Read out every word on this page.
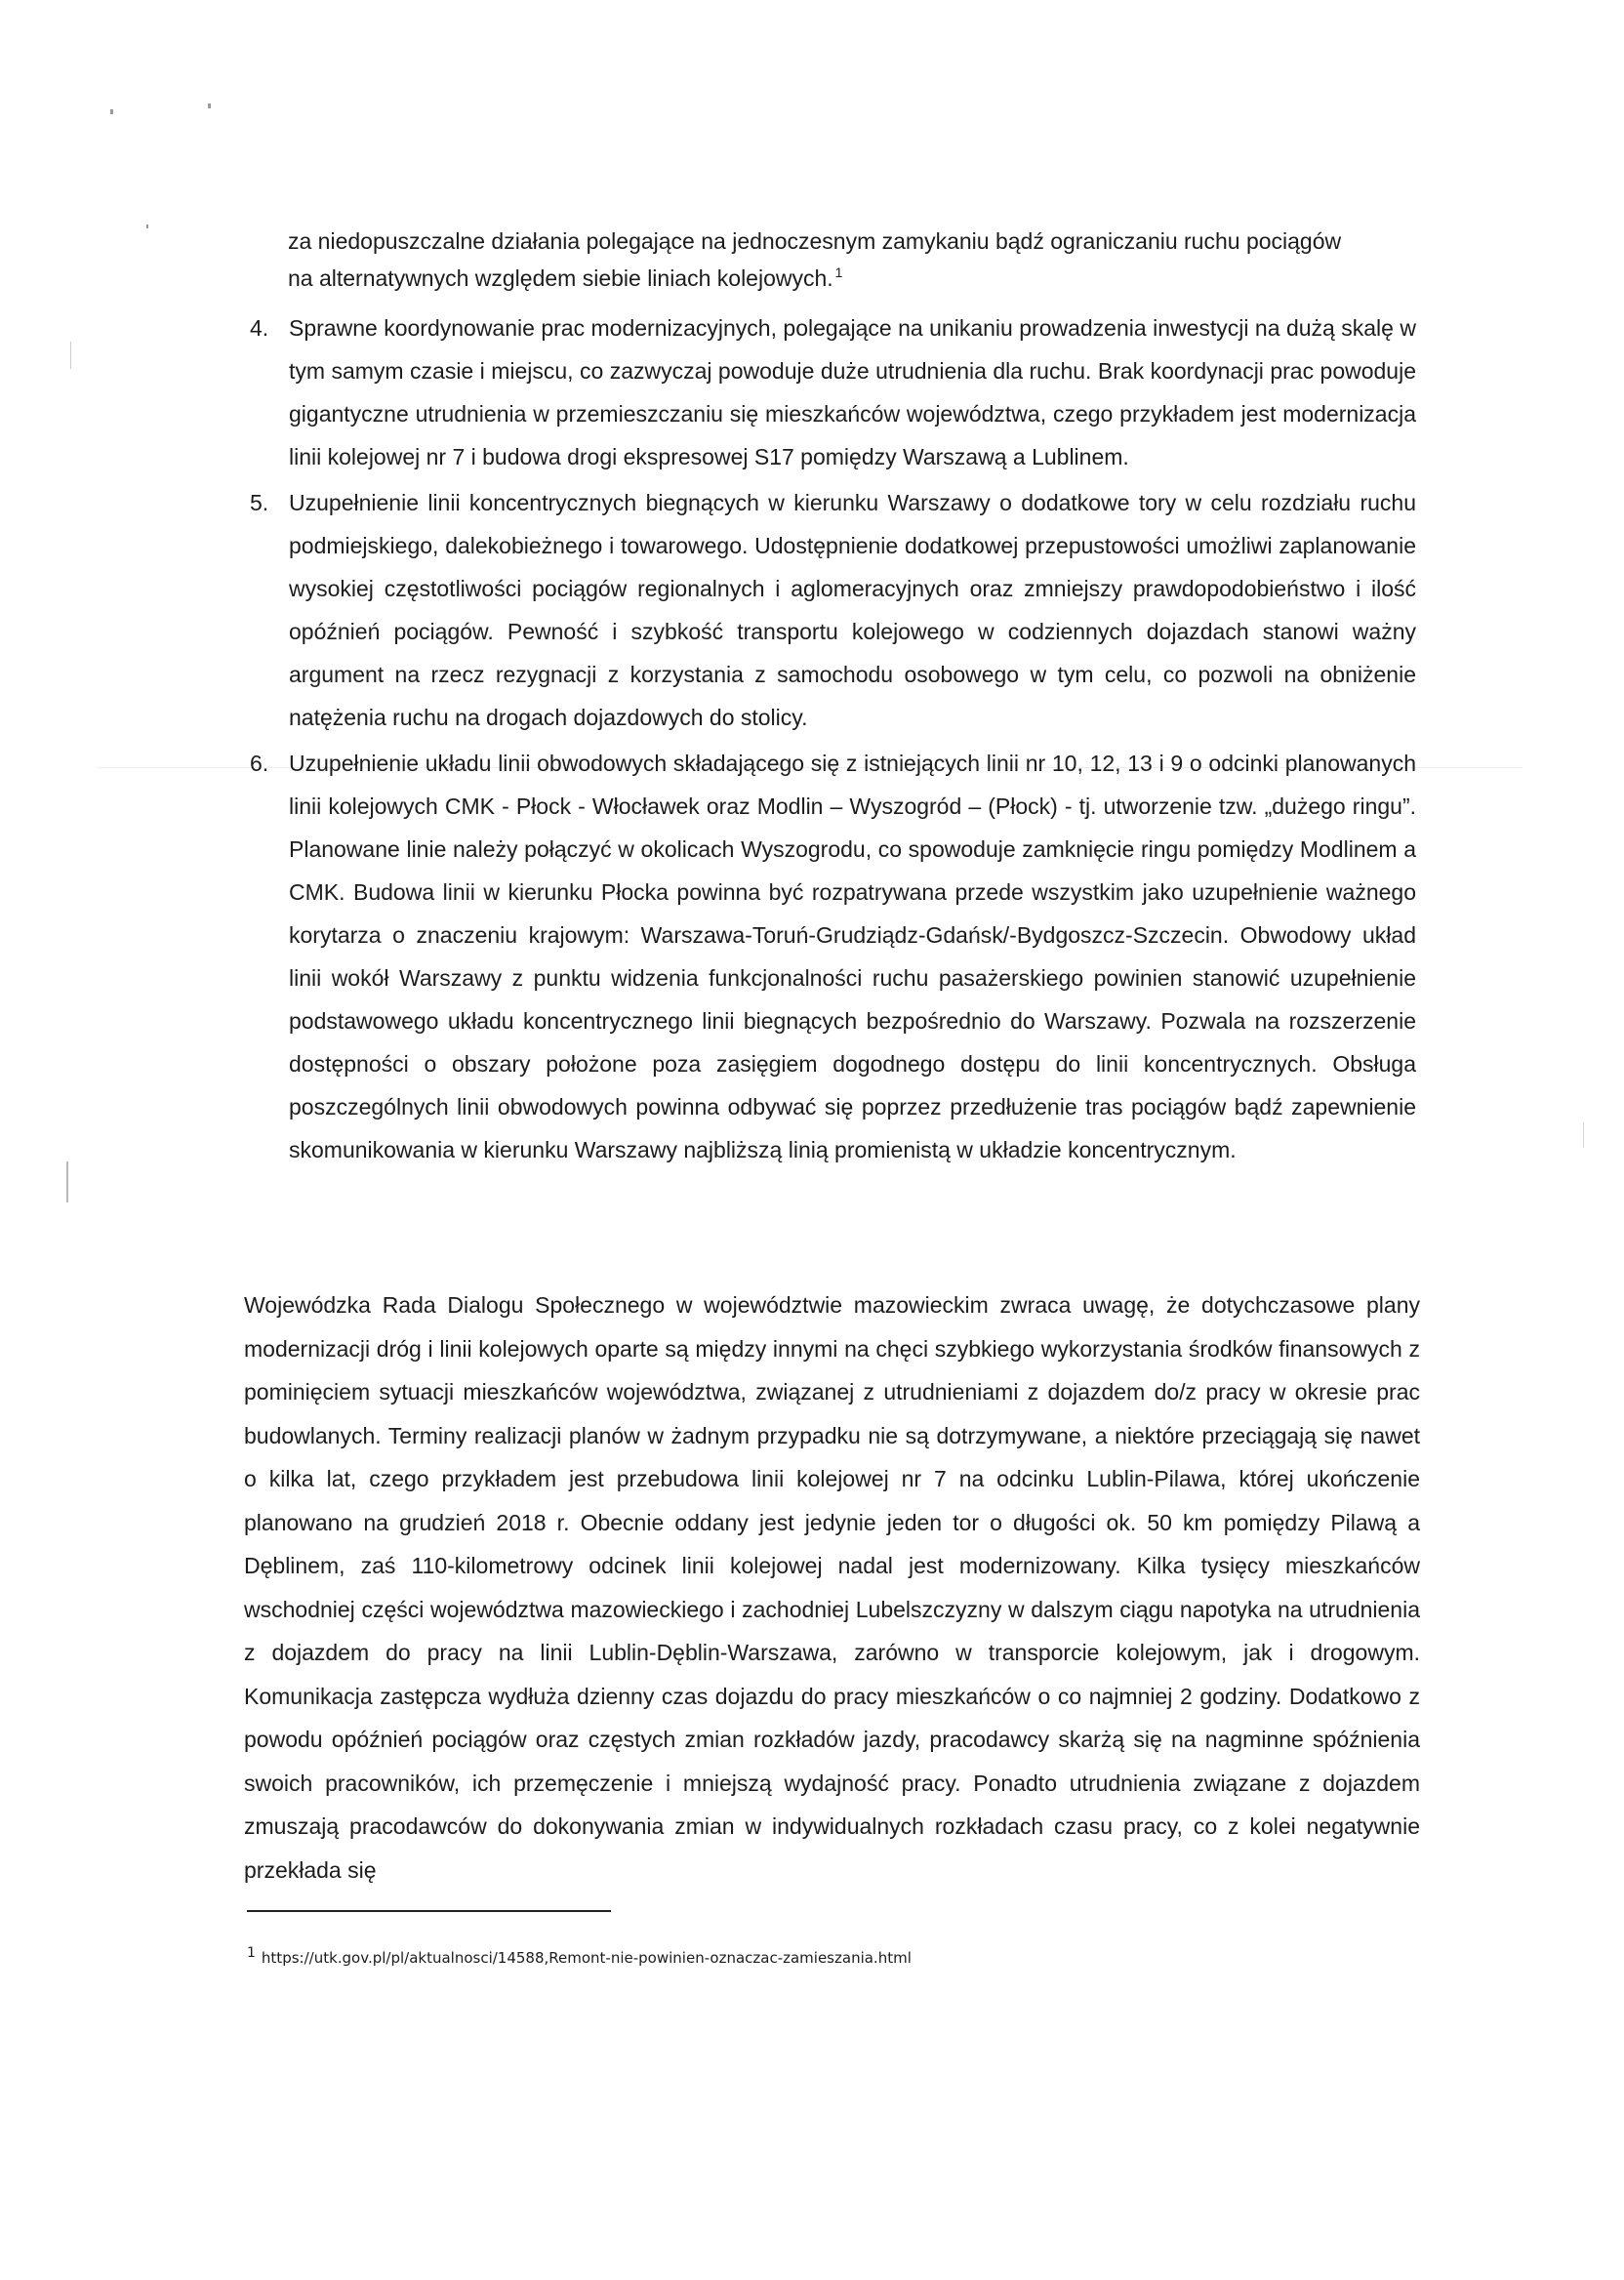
za niedopuszczalne działania polegające na jednoczesnym zamykaniu bądź ograniczaniu ruchu pociągów
na alternatywnych względem siebie liniach kolejowych. $^1$
4. Sprawne koordynowanie prac modernizacyjnych, polegające na unikaniu prowadzenia inwestycji na dużą skalę w tym samym czasie i miejscu, co zazwyczaj powoduje duże utrudnienia dla ruchu. Brak koordynacji prac powoduje gigantyczne utrudnienia w przemieszczaniu się mieszkańców województwa, czego przykładem jest modernizacja linii kolejowej nr 7 i budowa drogi ekspresowej S17 pomiędzy Warszawą a Lublinem.
5. Uzupełnienie linii koncentrycznych biegnących w kierunku Warszawy o dodatkowe tory w celu rozdziału ruchu podmiejskiego, dalekobieżnego i towarowego. Udostępnienie dodatkowej przepustowości umożliwi zaplanowanie wysokiej częstotliwości pociągów regionalnych i aglomeracyjnych oraz zmniejszy prawdopodobieństwo i ilość opóźnień pociągów. Pewność i szybkość transportu kolejowego w codziennych dojazdach stanowi ważny argument na rzecz rezygnacji z korzystania z samochodu osobowego w tym celu, co pozwoli na obniżenie natężenia ruchu na drogach dojazdowych do stolicy.
6. Uzupełnienie układu linii obwodowych składającego się z istniejących linii nr 10, 12, 13 i 9 o odcinki planowanych linii kolejowych CMK - Płock - Włocławek oraz Modlin – Wyszogród – (Płock) - tj. utworzenie tzw. „dużego ringu”. Planowane linie należy połączyć w okolicach Wyszogrodu, co spowoduje zamknięcie ringu pomiędzy Modlinem a CMK. Budowa linii w kierunku Płocka powinna być rozpatrywana przede wszystkim jako uzupełnienie ważnego korytarza o znaczeniu krajowym: Warszawa-Toruń-Grudziądz-Gdańsk/-Bydgoszcz-Szczecin. Obwodowy układ linii wokół Warszawy z punktu widzenia funkcjonalności ruchu pasażerskiego powinien stanowić uzupełnienie podstawowego układu koncentrycznego linii biegnących bezpośrednio do Warszawy. Pozwala na rozszerzenie dostępności o obszary położone poza zasięgiem dogodnego dostępu do linii koncentrycznych. Obsługa poszczególnych linii obwodowych powinna odbywać się poprzez przedłużenie tras pociągów bądź zapewnienie skomunikowania w kierunku Warszawy najbliższą linią promienistą w układzie koncentrycznym.

Wojewódzka Rada Dialogu Społecznego w województwie mazowieckim zwraca uwagę, że dotychczasowe plany modernizacji dróg i linii kolejowych oparte są między innymi na chęci szybkiego wykorzystania środków finansowych z pominięciem sytuacji mieszkańców województwa, związanej z utrudnieniami z dojazdem do/z pracy w okresie prac budowlanych. Terminy realizacji planów w żadnym przypadku nie są dotrzymywane, a niektóre przeciągają się nawet o kilka lat, czego przykładem jest przebudowa linii kolejowej nr 7 na odcinku Lublin-Pilawa, której ukończenie planowano na grudzień 2018 r. Obecnie oddany jest jedynie jeden tor o długości ok. 50 km pomiędzy Pilawą a Dęblinem, zaś 110-kilometrowy odcinek linii kolejowej nadal jest modernizowany. Kilka tysięcy mieszkańców wschodniej części województwa mazowieckiego i zachodniej Lubelszczyzny w dalszym ciągu napotyka na utrudnienia z dojazdem do pracy na linii Lublin-Dęblin-Warszawa, zarówno w transporcie kolejowym, jak i drogowym. Komunikacja zastępcza wydłuża dzienny czas dojazdu do pracy mieszkańców o co najmniej 2 godziny. Dodatkowo z powodu opóźnień pociągów oraz częstych zmian rozkładów jazdy, pracodawcy skarżą się na nagminne spóźnienia swoich pracowników, ich przemęczenie i mniejszą wydajność pracy. Ponadto utrudnienia związane z dojazdem zmuszają pracodawców do dokonywania zmian w indywidualnych rozkładach czasu pracy, co z kolei negatywnie przekłada się

1 https://utk.gov.pl/pl/aktualnosci/14588,Remont-nie-powinien-oznaczac-zamieszania.html
